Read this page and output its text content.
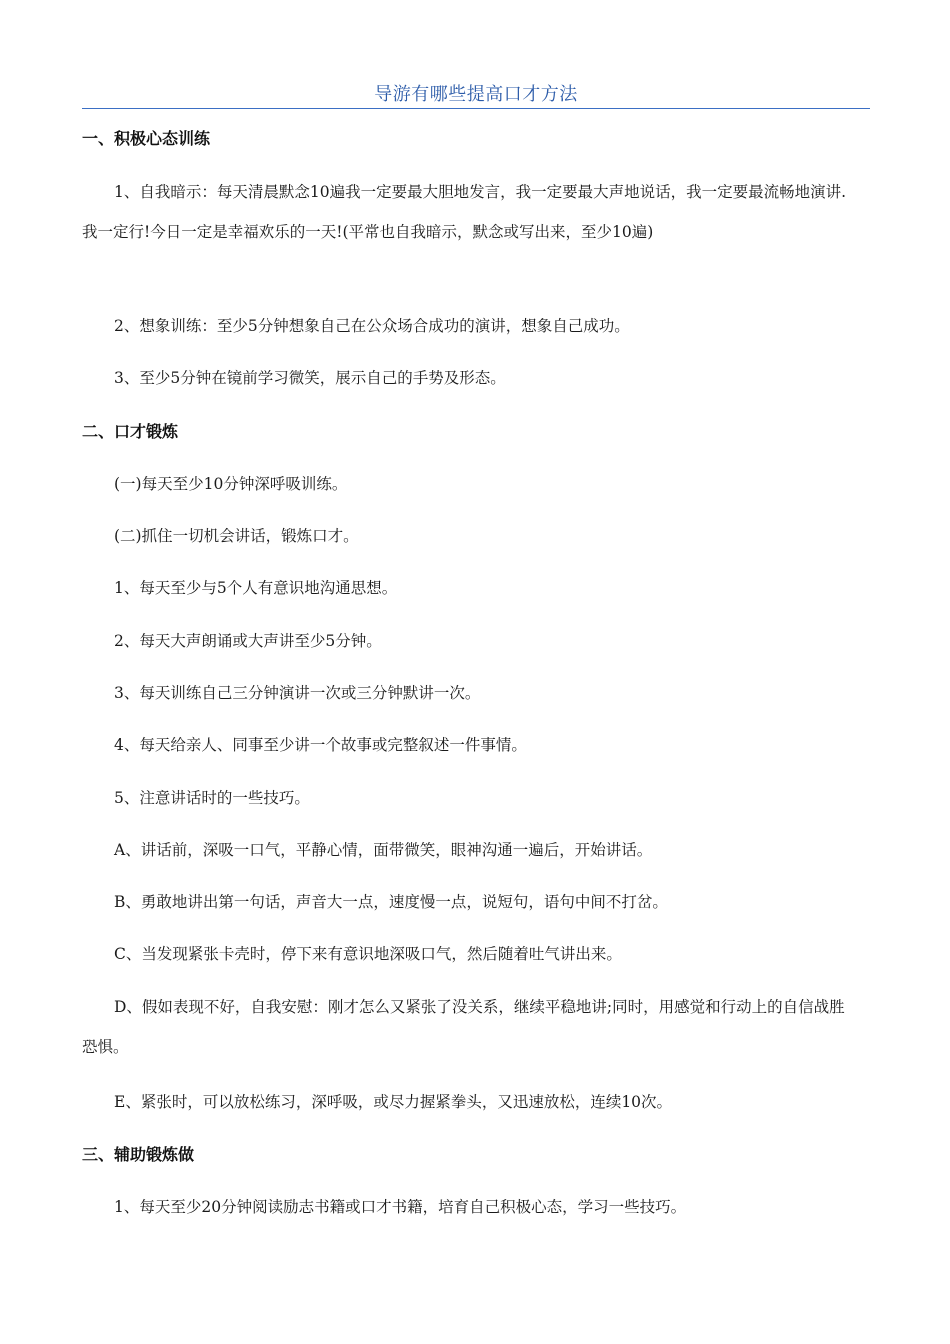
导游有哪些提高口才方法
一、积极心态训练
1、自我暗示：每天清晨默念10遍我一定要最大胆地发言，我一定要最大声地说话，我一定要最流畅地演讲.我一定行!今日一定是幸福欢乐的一天!(平常也自我暗示，默念或写出来，至少10遍)
2、想象训练：至少5分钟想象自己在公众场合成功的演讲，想象自己成功。
3、至少5分钟在镜前学习微笑，展示自己的手势及形态。
二、口才锻炼
(一)每天至少10分钟深呼吸训练。
(二)抓住一切机会讲话，锻炼口才。
1、每天至少与5个人有意识地沟通思想。
2、每天大声朗诵或大声讲至少5分钟。
3、每天训练自己三分钟演讲一次或三分钟默讲一次。
4、每天给亲人、同事至少讲一个故事或完整叙述一件事情。
5、注意讲话时的一些技巧。
A、讲话前，深吸一口气，平静心情，面带微笑，眼神沟通一遍后，开始讲话。
B、勇敢地讲出第一句话，声音大一点，速度慢一点，说短句，语句中间不打岔。
C、当发现紧张卡壳时，停下来有意识地深吸口气，然后随着吐气讲出来。
D、假如表现不好，自我安慰：刚才怎么又紧张了没关系，继续平稳地讲;同时，用感觉和行动上的自信战胜恐惧。
E、紧张时，可以放松练习，深呼吸，或尽力握紧拳头，又迅速放松，连续10次。
三、辅助锻炼做
1、每天至少20分钟阅读励志书籍或口才书籍，培育自己积极心态，学习一些技巧。
